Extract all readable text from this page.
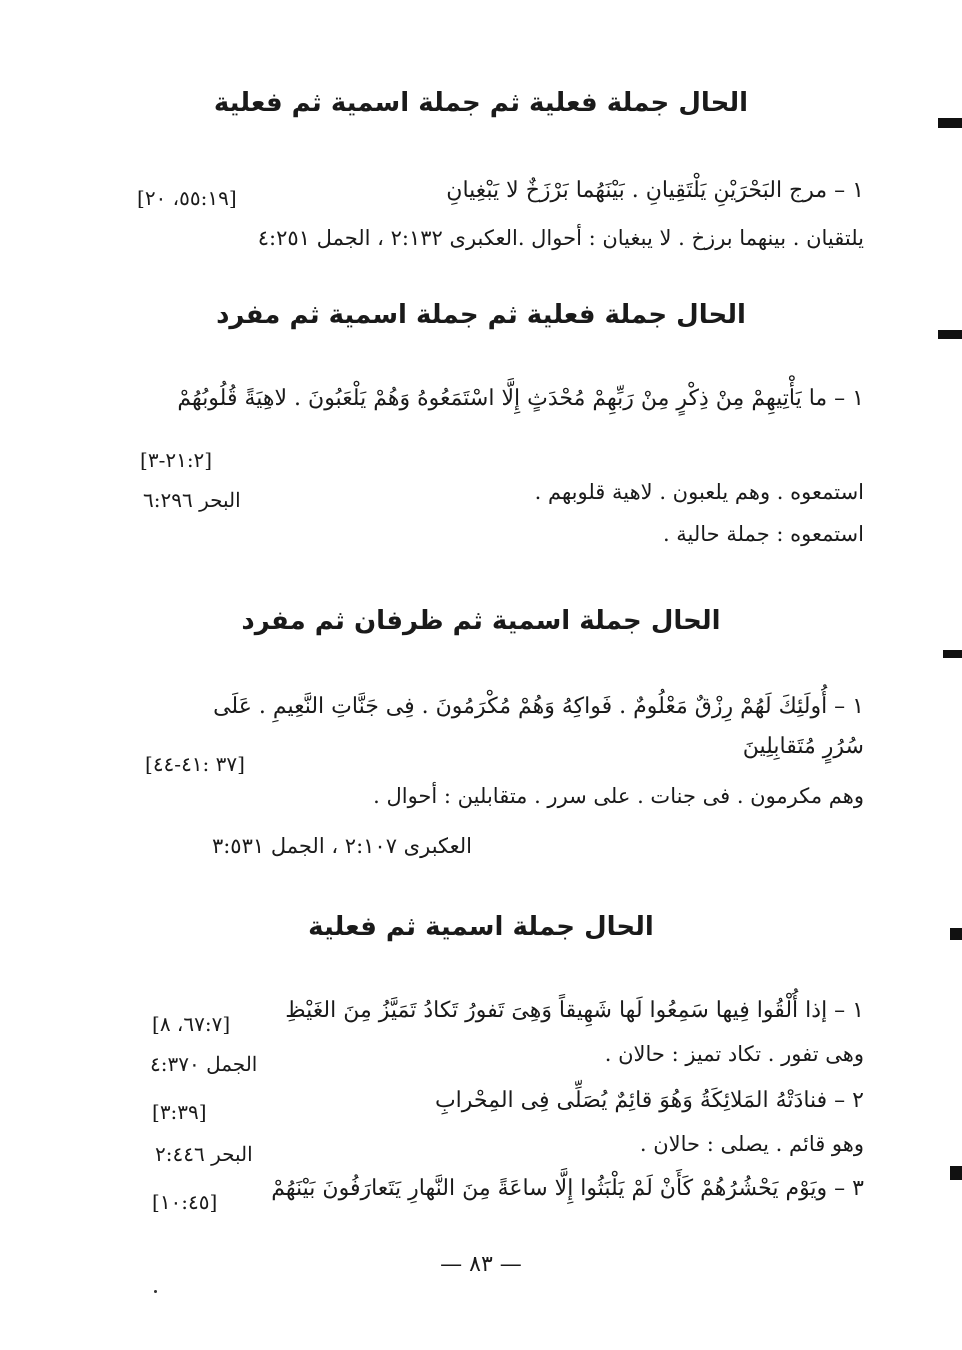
الحال جملة فعلية ثم جملة اسمية ثم فعلية
١ – مرج البَحْرَيْنِ يَلْتَقِيانِ . بَيْنَهُما بَرْزَخٌ لا يَبْغِيانِ
[٥٥:١٩، ٢٠]
يلتقيان . بينهما برزخ . لا يبغيان : أحوال .العكبرى ٢:١٣٢ ، الجمل ٤:٢٥١
الحال جملة فعلية ثم جملة اسمية ثم مفرد
١ – ما يَأْتِيهِمْ مِنْ ذِكْرٍ مِنْ رَبِّهِمْ مُحْدَثٍ إِلَّا اسْتَمَعُوهُ وَهُمْ يَلْعَبُونَ . لاهِيَةً قُلُوبُهُمْ
[٢١:٢-٣]
استمعوه . وهم يلعبون . لاهية قلوبهم .
البحر ٦:٢٩٦
استمعوه : جملة حالية .
الحال جملة اسمية ثم ظرفان ثم مفرد
١ – أُولَئِكَ لَهُمْ رِزْقٌ مَعْلُومٌ . فَواكِهُ وَهُمْ مُكْرَمُونَ . فِى جَنَّاتِ النَّعِيمِ . عَلَى
سُرُرٍ مُتَقابِلِينَ
[٣٧ :٤١-٤٤]
وهم مكرمون . فى جنات . على سرر . متقابلين : أحوال .
العكبرى ٢:١٠٧ ، الجمل ٣:٥٣١
الحال جملة اسمية ثم فعلية
١ – إذا أُلْقُوا فِيها سَمِعُوا لَها شَهِيقاً وَهِىَ تَفورُ تَكادُ تَمَيَّزُ مِنَ الغَيْظِ
[٦٧:٧، ٨]
وهى تفور . تكاد تميز : حالان .
الجمل ٤:٣٧٠
٢ – فنادَتْهُ المَلائِكَةُ وَهُوَ قائِمٌ يُصَلِّى فِى المِحْرابِ
[٣:٣٩]
وهو قائم . يصلى : حالان .
البحر ٢:٤٤٦
٣ – ويَوْم يَحْشُرُهُمْ كَأَنْ لَمْ يَلْبَثُوا إِلَّا ساعَةً مِنَ النَّهارِ يَتَعارَفُونَ بَيْنَهُمْ
[١٠:٤٥]
— ٨٣ —
